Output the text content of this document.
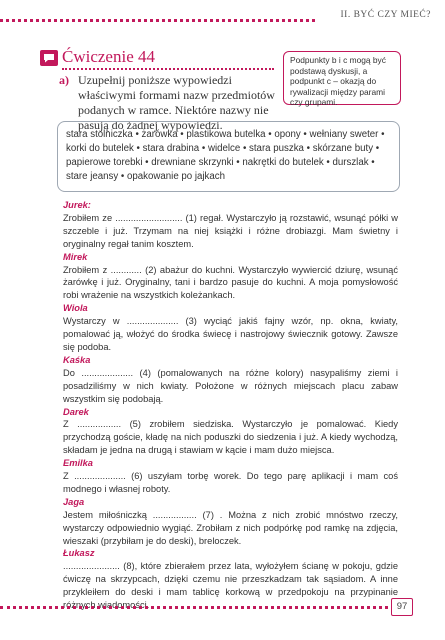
II. BYĆ CZY MIEĆ?
Ćwiczenie 44
a) Uzupełnij poniższe wypowiedzi właściwymi formami nazw przedmiotów podanych w ramce. Niektóre nazwy nie pasują do żadnej wypowiedzi.
Podpunkty b i c mogą być podstawą dyskusji, a podpunkt c – okazją do rywalizacji między parami czy grupami.
stara stolniczka • żarówka • plastikowa butelka • opony • wełniany sweter • korki do butelek • stara drabina • widelce • stara puszka • skórzane buty • papierowe torebki • drewniane skrzynki • nakrętki do butelek • durszlak • stare jeansy • opakowanie po jajkach
Jurek:
Zrobiłem ze .......................... (1) regał. Wystarczyło ją rozstawić, wsunąć półki w szczeble i już. Trzymam na niej książki i różne drobiazgi. Mam świetny i oryginalny regał tanim kosztem.
Mirek
Zrobiłem z ............ (2) abażur do kuchni. Wystarczyło wywiercić dziurę, wsunąć żarówkę i już. Oryginalny, tani i bardzo pasuje do kuchni. A moja pomysłowość robi wrażenie na wszystkich koleżankach.
Wiola
Wystarczy w .................... (3) wyciąć jakiś fajny wzór, np. okna, kwiaty, pomalować ją, włożyć do środka świecę i nastrojowy świecznik gotowy. Zawsze się podoba.
Kaśka
Do .................... (4) (pomalowanych na różne kolory) nasypaliśmy ziemi i posadziliśmy w nich kwiaty. Położone w różnych miejscach placu zabaw wszystkim się podobają.
Darek
Z ................. (5) zrobiłem siedziska. Wystarczyło je pomalować. Kiedy przychodzą goście, kładę na nich poduszki do siedzenia i już. A kiedy wychodzą, składam je jedna na drugą i stawiam w kącie i mam dużo miejsca.
Emilka
Z .................... (6) uszyłam torbę worek. Do tego parę aplikacji i mam coś modnego i własnej roboty.
Jaga
Jestem miłośniczką ................. (7) . Można z nich zrobić mnóstwo rzeczy, wystarczy odpowiednio wygiąć. Zrobiłam z nich podpórkę pod ramkę na zdjęcia, wieszaki (przybiłam je do deski), breloczek.
Łukasz
...................... (8), które zbierałem przez lata, wyłożyłem ścianę w pokoju, gdzie ćwiczę na skrzypcach, dzięki czemu nie przeszkadzam tak sąsiadom. A inne przykleiłem do deski i mam tablicę korkową w przedpokoju na przypinanie różnych wiadomości.	97
